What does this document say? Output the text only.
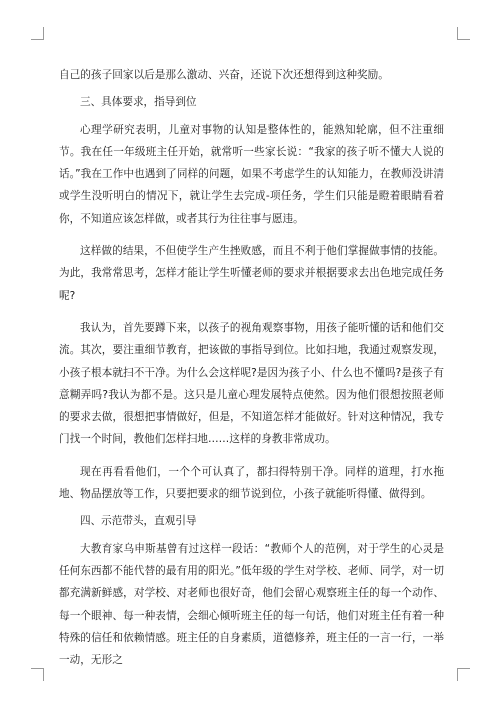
自己的孩子回家以后是那么激动、兴奋，还说下次还想得到这种奖励。

三、具体要求，指导到位

心理学研究表明，儿童对事物的认知是整体性的，能熟知轮廓，但不注重细节。我在任一年级班主任开始，就常听一些家长说：“我家的孩子听不懂大人说的话。”我在工作中也遇到了同样的问题，如果不考虑学生的认知能力，在教师没讲清或学生没听明白的情况下，就让学生去完成-项任务，学生们只能是瞪着眼睛看着你，不知道应该怎样做，或者其行为往往事与愿违。

这样做的结果，不但使学生产生挫败感，而且不利于他们掌握做事情的技能。为此，我常常思考，怎样才能让学生听懂老师的要求并根据要求去出色地完成任务呢?

我认为，首先要蹲下来，以孩子的视角观察事物，用孩子能听懂的话和他们交流。其次，要注重细节教育，把该做的事指导到位。比如扫地，我通过观察发现，小孩子根本就扫不干净。为什么会这样呢?是因为孩子小、什么也不懂吗?是孩子有意糊弄吗?我认为都不是。这只是儿童心理发展特点使然。因为他们很想按照老师的要求去做，很想把事情做好，但是，不知道怎样才能做好。针对这种情况，我专门找一个时间，教他们怎样扫地……这样的身教非常成功。

现在再看看他们，一个个可认真了，都扫得特别干净。同样的道理，打水拖地、物品摆放等工作，只要把要求的细节说到位，小孩子就能听得懂、做得到。

四、示范带头，直观引导

大教育家乌申斯基曾有过这样一段话：“教师个人的范例，对于学生的心灵是任何东西都不能代替的最有用的阳光。”低年级的学生对学校、老师、同学，对一切都充满新鲜感，对学校、对老师也很好奇，他们会留心观察班主任的每一个动作、每一个眼神、每一种表情，会细心倾听班主任的每一句话，他们对班主任有着一种特殊的信任和依赖情感。班主任的自身素质，道德修养，班主任的一言一行，一举一动，无形之
